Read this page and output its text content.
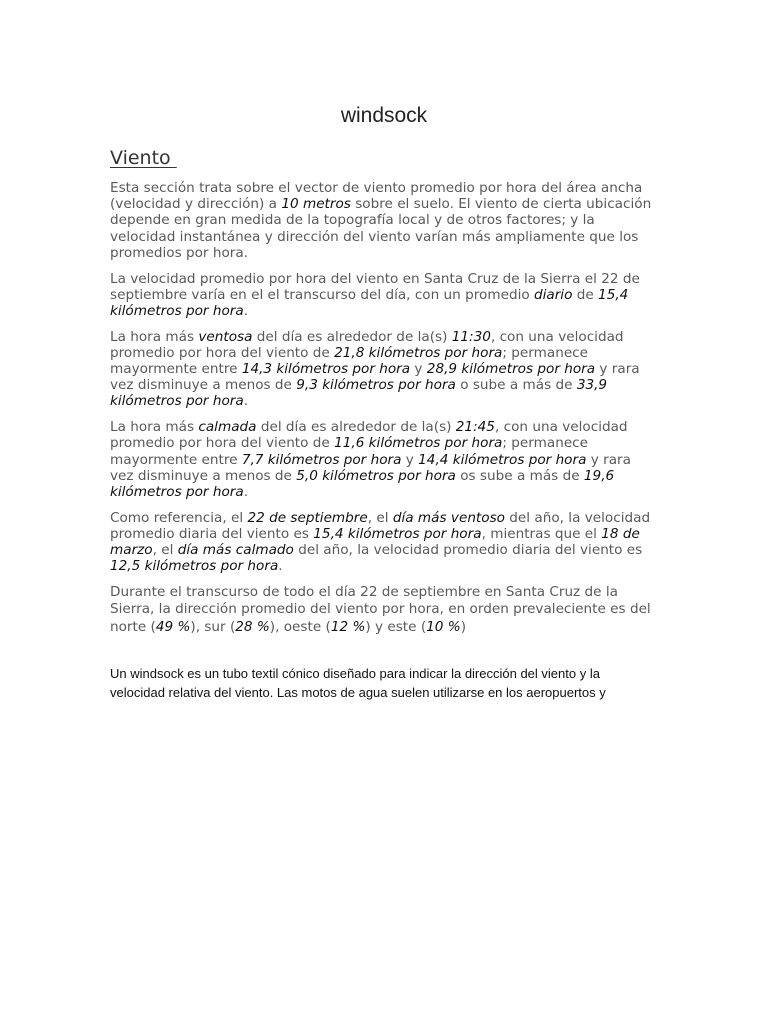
windsock
Viento

Esta sección trata sobre el vector de viento promedio por hora del área ancha (velocidad y dirección) a 10 metros sobre el suelo. El viento de cierta ubicación depende en gran medida de la topografía local y de otros factores; y la velocidad instantánea y dirección del viento varían más ampliamente que los promedios por hora.

La velocidad promedio por hora del viento en Santa Cruz de la Sierra el 22 de septiembre varía en el el transcurso del día, con un promedio diario de 15,4 kilómetros por hora.

La hora más ventosa del día es alrededor de la(s) 11:30, con una velocidad promedio por hora del viento de 21,8 kilómetros por hora; permanece mayormente entre 14,3 kilómetros por hora y 28,9 kilómetros por hora y rara vez disminuye a menos de 9,3 kilómetros por hora o sube a más de 33,9 kilómetros por hora.

La hora más calmada del día es alrededor de la(s) 21:45, con una velocidad promedio por hora del viento de 11,6 kilómetros por hora; permanece mayormente entre 7,7 kilómetros por hora y 14,4 kilómetros por hora y rara vez disminuye a menos de 5,0 kilómetros por hora os sube a más de 19,6 kilómetros por hora.

Como referencia, el 22 de septiembre, el día más ventoso del año, la velocidad promedio diaria del viento es 15,4 kilómetros por hora, mientras que el 18 de marzo, el día más calmado del año, la velocidad promedio diaria del viento es 12,5 kilómetros por hora.

Durante el transcurso de todo el día 22 de septiembre en Santa Cruz de la Sierra, la dirección promedio del viento por hora, en orden prevaleciente es del norte (49 %), sur (28 %), oeste (12 %) y este (10 %)

Un windsock es un tubo textil cónico diseñado para indicar la dirección del viento y la velocidad relativa del viento. Las motos de agua suelen utilizarse en los aeropuertos y
